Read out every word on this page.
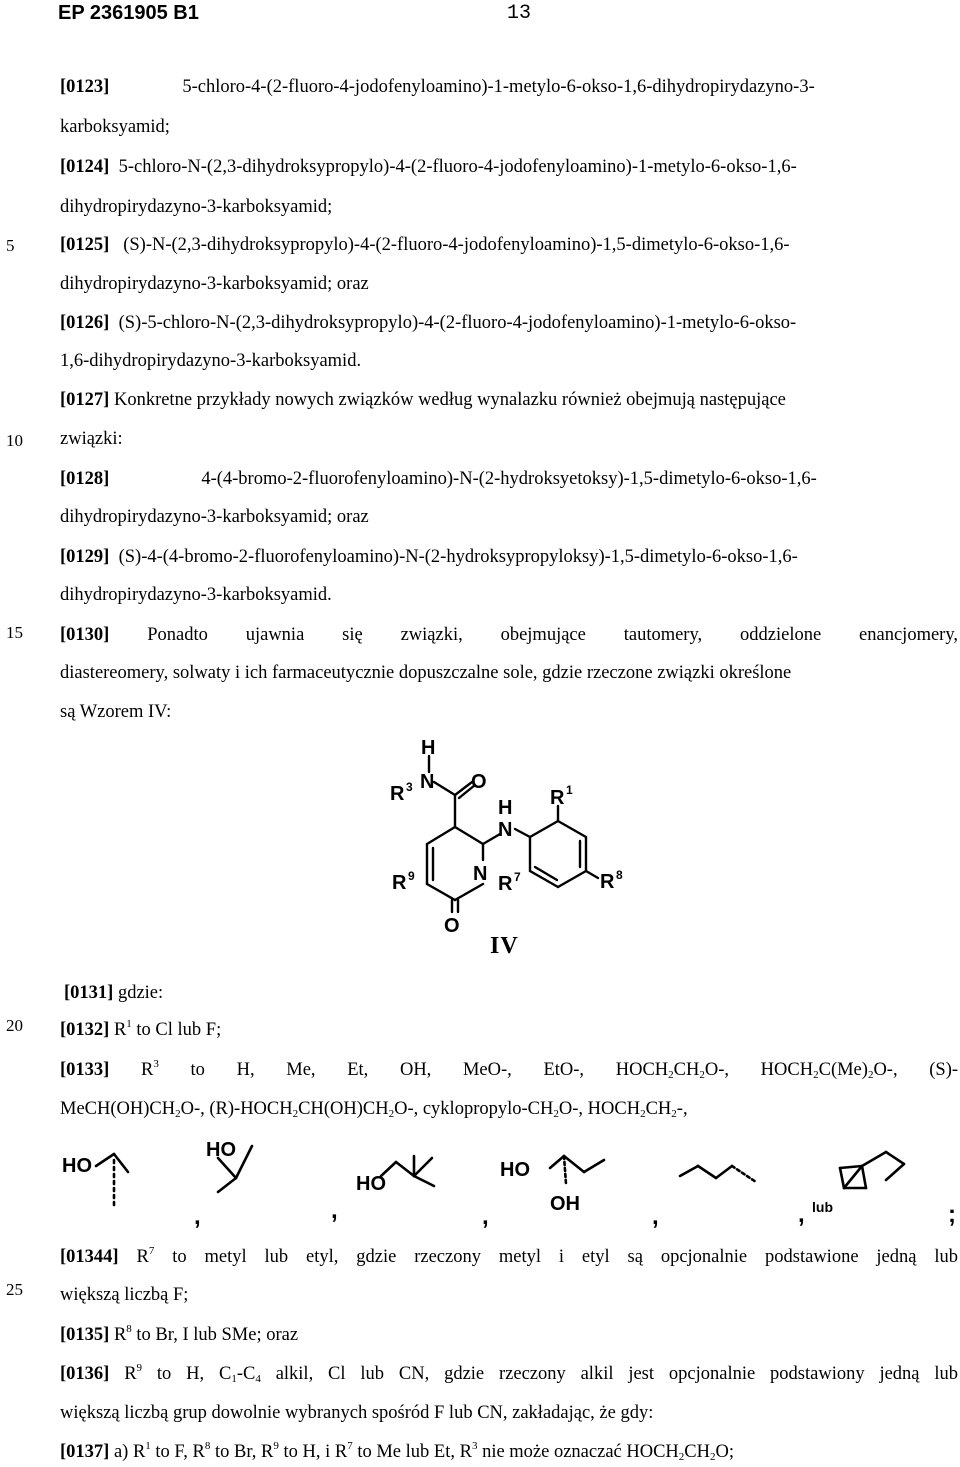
EP 2361905 B1	13
5
10
15
20
25
[0123]	5-chloro-4-(2-fluoro-4-jodofenyloamino)-1-metylo-6-okso-1,6-dihydropirydazyno-3-
karboksyamid;
[0124] 5-chloro-N-(2,3-dihydroksypropylo)-4-(2-fluoro-4-jodofenyloamino)-1-metylo-6-okso-1,6-
dihydropirydazyno-3-karboksyamid;
[0125] (S)-N-(2,3-dihydroksypropylo)-4-(2-fluoro-4-jodofenyloamino)-1,5-dimetylo-6-okso-1,6-
dihydropirydazyno-3-karboksyamid; oraz
[0126] (S)-5-chloro-N-(2,3-dihydroksypropylo)-4-(2-fluoro-4-jodofenyloamino)-1-metylo-6-okso-
1,6-dihydropirydazyno-3-karboksyamid.
[0127] Konkretne przykłady nowych związków według wynalazku również obejmują następujące
związki:
[0128]	4-(4-bromo-2-fluorofenyloamino)-N-(2-hydroksyetoksy)-1,5-dimetylo-6-okso-1,6-
dihydropirydazyno-3-karboksyamid; oraz
[0129] (S)-4-(4-bromo-2-fluorofenyloamino)-N-(2-hydroksypropyloksy)-1,5-dimetylo-6-okso-1,6-
dihydropirydazyno-3-karboksyamid.
[0130] Ponadto ujawnia się związki, obejmujące tautomery, oddzielone enancjomery,
diastereomery, solwaty i ich farmaceutycznie dopuszczalne sole, gdzie rzeczone związki określone
są Wzorem IV:
H
R 3 N O
H
N
R 1
R 9	N R 7	R 8
O
IV
[0131] gdzie:
[0132] $R^1$ to Cl lub F;
[0133] $R^3$ to H, Me, Et, OH, MeO-, EtO-, $HOCH_2CH_2O-$, $HOCH_2C(Me)_2O-$, (S)-
$MeCH(OH)CH_2O-$, $(R)-HOCH_2CH(OH)CH_2O-$, cyklopropylo-$CH_2O-$, $HOCH_2CH_2-$,
HO
,
HO
,
HO
,
HO
OH	,	, lub	;
[01344] $R^7$ to metyl lub etyl, gdzie rzeczony metyl i etyl są opcjonalnie podstawione jedną lub
większą liczbą F;
[0135] $R^8$ to Br, I lub SMe; oraz
[0136] $R^9$ to H, $C_1-C_4$ alkil, Cl lub CN, gdzie rzeczony alkil jest opcjonalnie podstawiony jedną lub
większą liczbą grup dowolnie wybranych spośród F lub CN, zakładając, że gdy:
[0137] a) $R^1$ to F, $R^8$ to Br, $R^9$ to H, i $R^7$ to Me lub Et, $R^3$ nie może oznaczać $HOCH_2CH_2O$;
